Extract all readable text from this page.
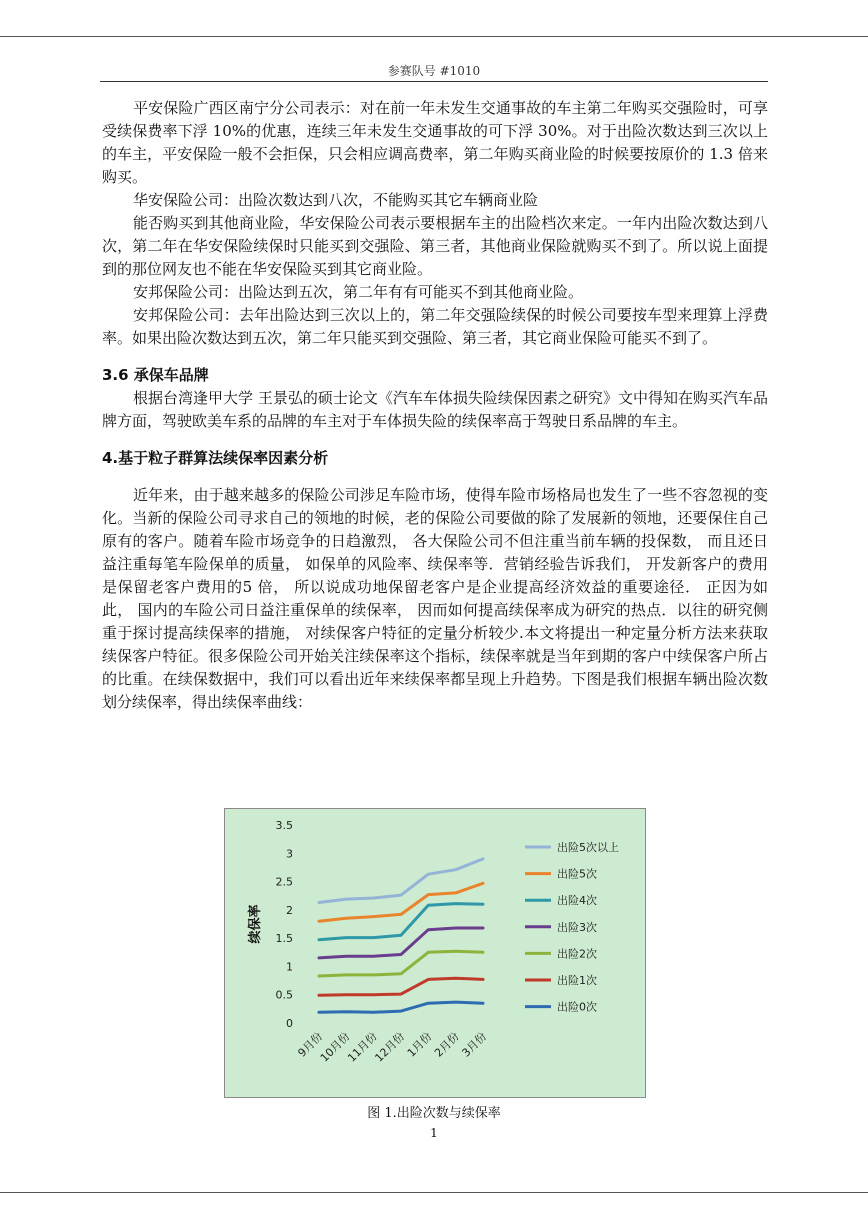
参赛队号 #1010

平安保险广西区南宁分公司表示：对在前一年未发生交通事故的车主第二年购买交强险时，可享受续保费率下浮 10%的优惠，连续三年未发生交通事故的可下浮 30%。对于出险次数达到三次以上的车主，平安保险一般不会拒保，只会相应调高费率，第二年购买商业险的时候要按原价的 1.3 倍来购买。

华安保险公司：出险次数达到八次，不能购买其它车辆商业险

能否购买到其他商业险，华安保险公司表示要根据车主的出险档次来定。一年内出险次数达到八次，第二年在华安保险续保时只能买到交强险、第三者，其他商业保险就购买不到了。所以说上面提到的那位网友也不能在华安保险买到其它商业险。

安邦保险公司：出险达到五次，第二年有有可能买不到其他商业险。

安邦保险公司：去年出险达到三次以上的，第二年交强险续保的时候公司要按车型来理算上浮费率。如果出险次数达到五次，第二年只能买到交强险、第三者，其它商业保险可能买不到了。

3.6 承保车品牌

根据台湾逢甲大学 王景弘的硕士论文《汽车车体损失险续保因素之研究》文中得知在购买汽车品牌方面，驾驶欧美车系的品牌的车主对于车体损失险的续保率高于驾驶日系品牌的车主。

4.基于粒子群算法续保率因素分析

近年来，由于越来越多的保险公司涉足车险市场，使得车险市场格局也发生了一些不容忽视的变化。当新的保险公司寻求自己的领地的时候，老的保险公司要做的除了发展新的领地，还要保住自己原有的客户。随着车险市场竞争的日趋激烈， 各大保险公司不但注重当前车辆的投保数， 而且还日益注重每笔车险保单的质量， 如保单的风险率、续保率等．营销经验告诉我们， 开发新客户的费用是保留老客户费用的5 倍， 所以说成功地保留老客户是企业提高经济效益的重要途径． 正因为如此， 国内的车险公司日益注重保单的续保率， 因而如何提高续保率成为研究的热点．以往的研究侧重于探讨提高续保率的措施， 对续保客户特征的定量分析较少.本文将提出一种定量分析方法来获取续保客户特征。很多保险公司开始关注续保率这个指标，续保率就是当年到期的客户中续保客户所占的比重。在续保数据中，我们可以看出近年来续保率都呈现上升趋势。下图是我们根据车辆出险次数划分续保率，得出续保率曲线：

0
0.5
1
1.5
2
2.5
3
3.5
续保率
9月份
10月份
11月份
12月份
1月份
2月份
3月份
出险5次以上
出险5次
出险4次
出险3次
出险2次
出险1次
出险0次
图 1.出险次数与续保率
1
